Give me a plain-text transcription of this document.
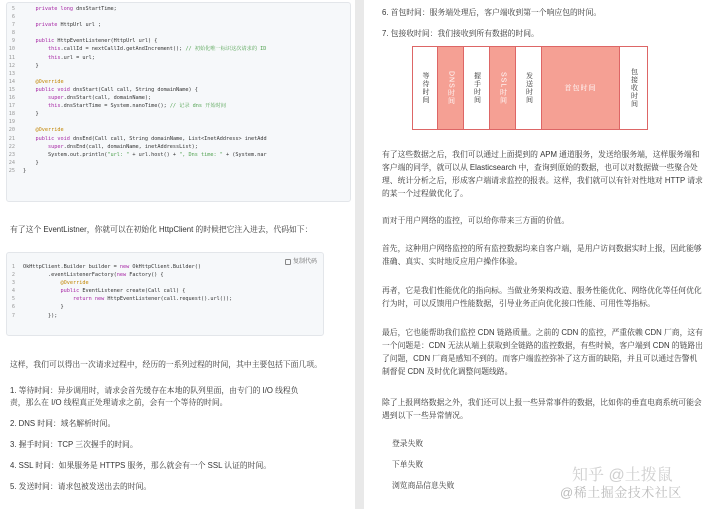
5	private long dnsStartTime;
6
7	private HttpUrl url ;
8
9	public HttpEventListener(HttpUrl url) {
10	this.callId = nextCallId.getAndIncrement(); // 初始化唯一标识这次请求的 ID
11	this.url = url;
12	}
13
14	@Override
15	public void dnsStart(Call call, String domainName) {
16	super.dnsStart(call, domainName);
17	this.dnsStartTime = System.nanoTime(); // 记录 dns 开始时间
18	}
19
20	@Override
21	public void dnsEnd(Call call, String domainName, List<InetAddress> inetAdd
22	super.dnsEnd(call, domainName, inetAddressList);
23	System.out.println("url: " + url.host() + ", Dns time: " + (System.nar
24	}
25	}

有了这个 EventListner，你就可以在初始化 HttpClient 的时候把它注入进去，代码如下：

复制代码
1	OkHttpClient.Builder builder = new OkHttpClient.Builder()
2	.eventListenerFactory(new Factory() {
3	@Override
4	public EventListener create(Call call) {
5	return new HttpEventListener(call.request().url());
6	}
7	});

这样，我们可以得出一次请求过程中，经历的一系列过程的时间，其中主要包括下面几项。

1. 等待时间：异步调用时，请求会首先缓存在本地的队列里面，由专门的 I/O 线程负责，那么在 I/O 线程真正处理请求之前，会有一个等待的时间。
2. DNS 时间：域名解析时间。
3. 握手时间：TCP 三次握手的时间。
4. SSL 时间：如果服务是 HTTPS 服务，那么就会有一个 SSL 认证的时间。
5. 发送时间：请求包被发送出去的时间。
6. 首包时间：服务端处理后，客户端收到第一个响应包的时间。
7. 包接收时间：我们接收到所有数据的时间。
等待时间	DNS时间	握手时间	SSL时间	发送时间	首包时间	包接收时间

有了这些数据之后，我们可以通过上面提到的 APM 通道服务，发送给服务端，这样服务端和客户端的同学，就可以从 Elasticsearch 中，查询到原始的数据，也可以对数据做一些聚合处理、统计分析之后，形成客户端请求监控的报表。这样，我们就可以有针对性地对 HTTP 请求的某一个过程做优化了。

而对于用户网络的监控，可以给你带来三方面的价值。

首先，这种用户网络监控的所有监控数据均来自客户端，是用户访问数据实时上报，因此能够准确、真实、实时地反应用户操作体验。

再者，它是我们性能优化的指向标。当做业务架构改造、服务性能优化、网络优化等任何优化行为时，可以反馈用户性能数据，引导业务正向优化接口性能、可用性等指标。

最后，它也能帮助我们监控 CDN 链路质量。之前的 CDN 的监控，严重依赖 CDN 厂商，这有一个问题是：CDN 无法从端上获取到全链路的监控数据，有些时候，客户端到 CDN 的链路出了问题，CDN 厂商是感知不到的。而客户端监控弥补了这方面的缺陷，并且可以通过告警机制督促 CDN 及时优化调整问题线路。

除了上报网络数据之外，我们还可以上报一些异常事件的数据，比如你的垂直电商系统可能会遇到以下一些异常情况。

登录失败
下单失败
浏览商品信息失败
知乎 @土拨鼠
@稀土掘金技术社区
